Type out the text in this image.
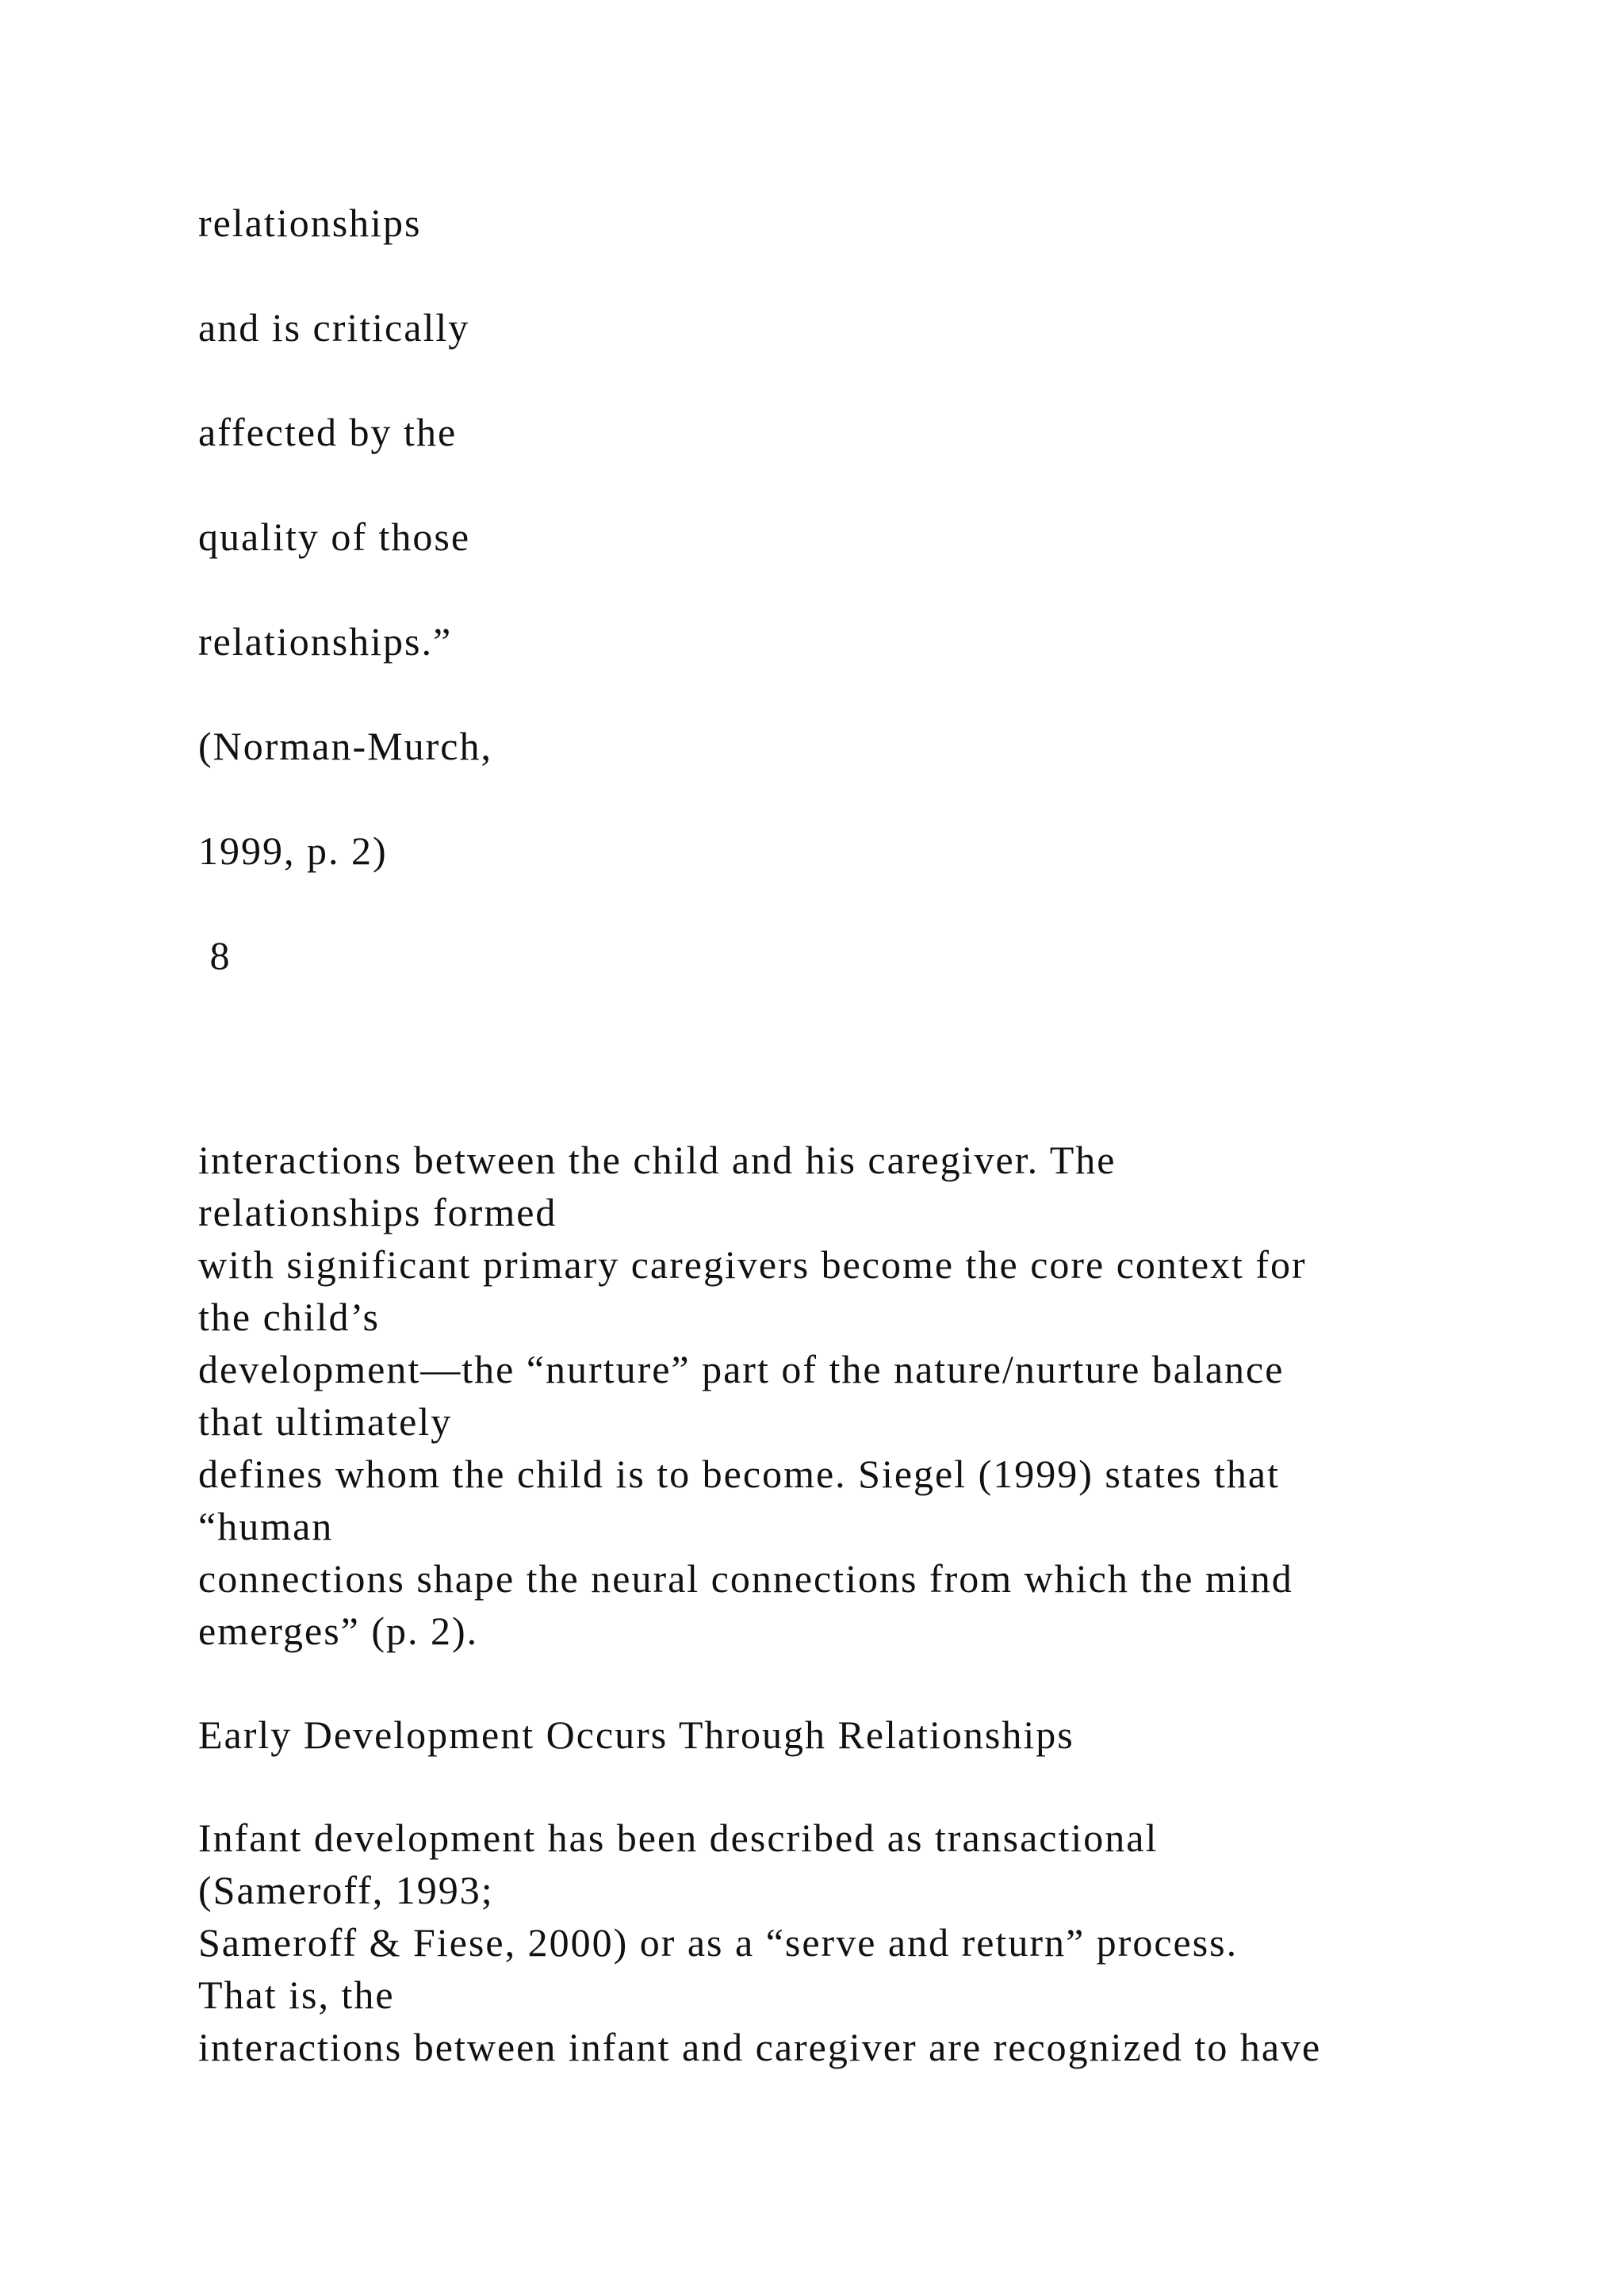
relationships
and is critically
affected by the
quality of those
relationships.”
(Norman-Murch,
1999, p. 2)
8
interactions between the child and his caregiver. The
relationships formed
with significant primary caregivers become the core context for
the child’s
development—the “nurture” part of the nature/nurture balance
that ultimately
defines whom the child is to become. Siegel (1999) states that
“human
connections shape the neural connections from which the mind
emerges” (p. 2).
Early Development Occurs Through Relationships
Infant development has been described as transactional
(Sameroff, 1993;
Sameroff & Fiese, 2000) or as a “serve and return” process.
That is, the
interactions between infant and caregiver are recognized to have
